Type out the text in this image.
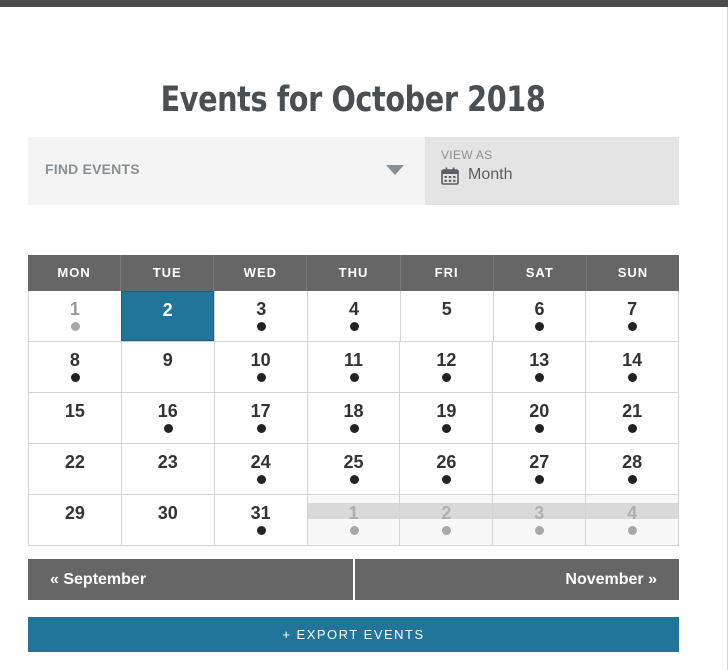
Events for October 2018
FIND EVENTS
VIEW AS
Month
MON	TUE	WED	THU	FRI	SAT	SUN
1	2	3	4	5	6	7
8	9	10	11	12	13	14
15	16	17	18	19	20	21
22	23	24	25	26	27	28
29	30	31	1	2	3	4
« September	November »
+ EXPORT EVENTS
